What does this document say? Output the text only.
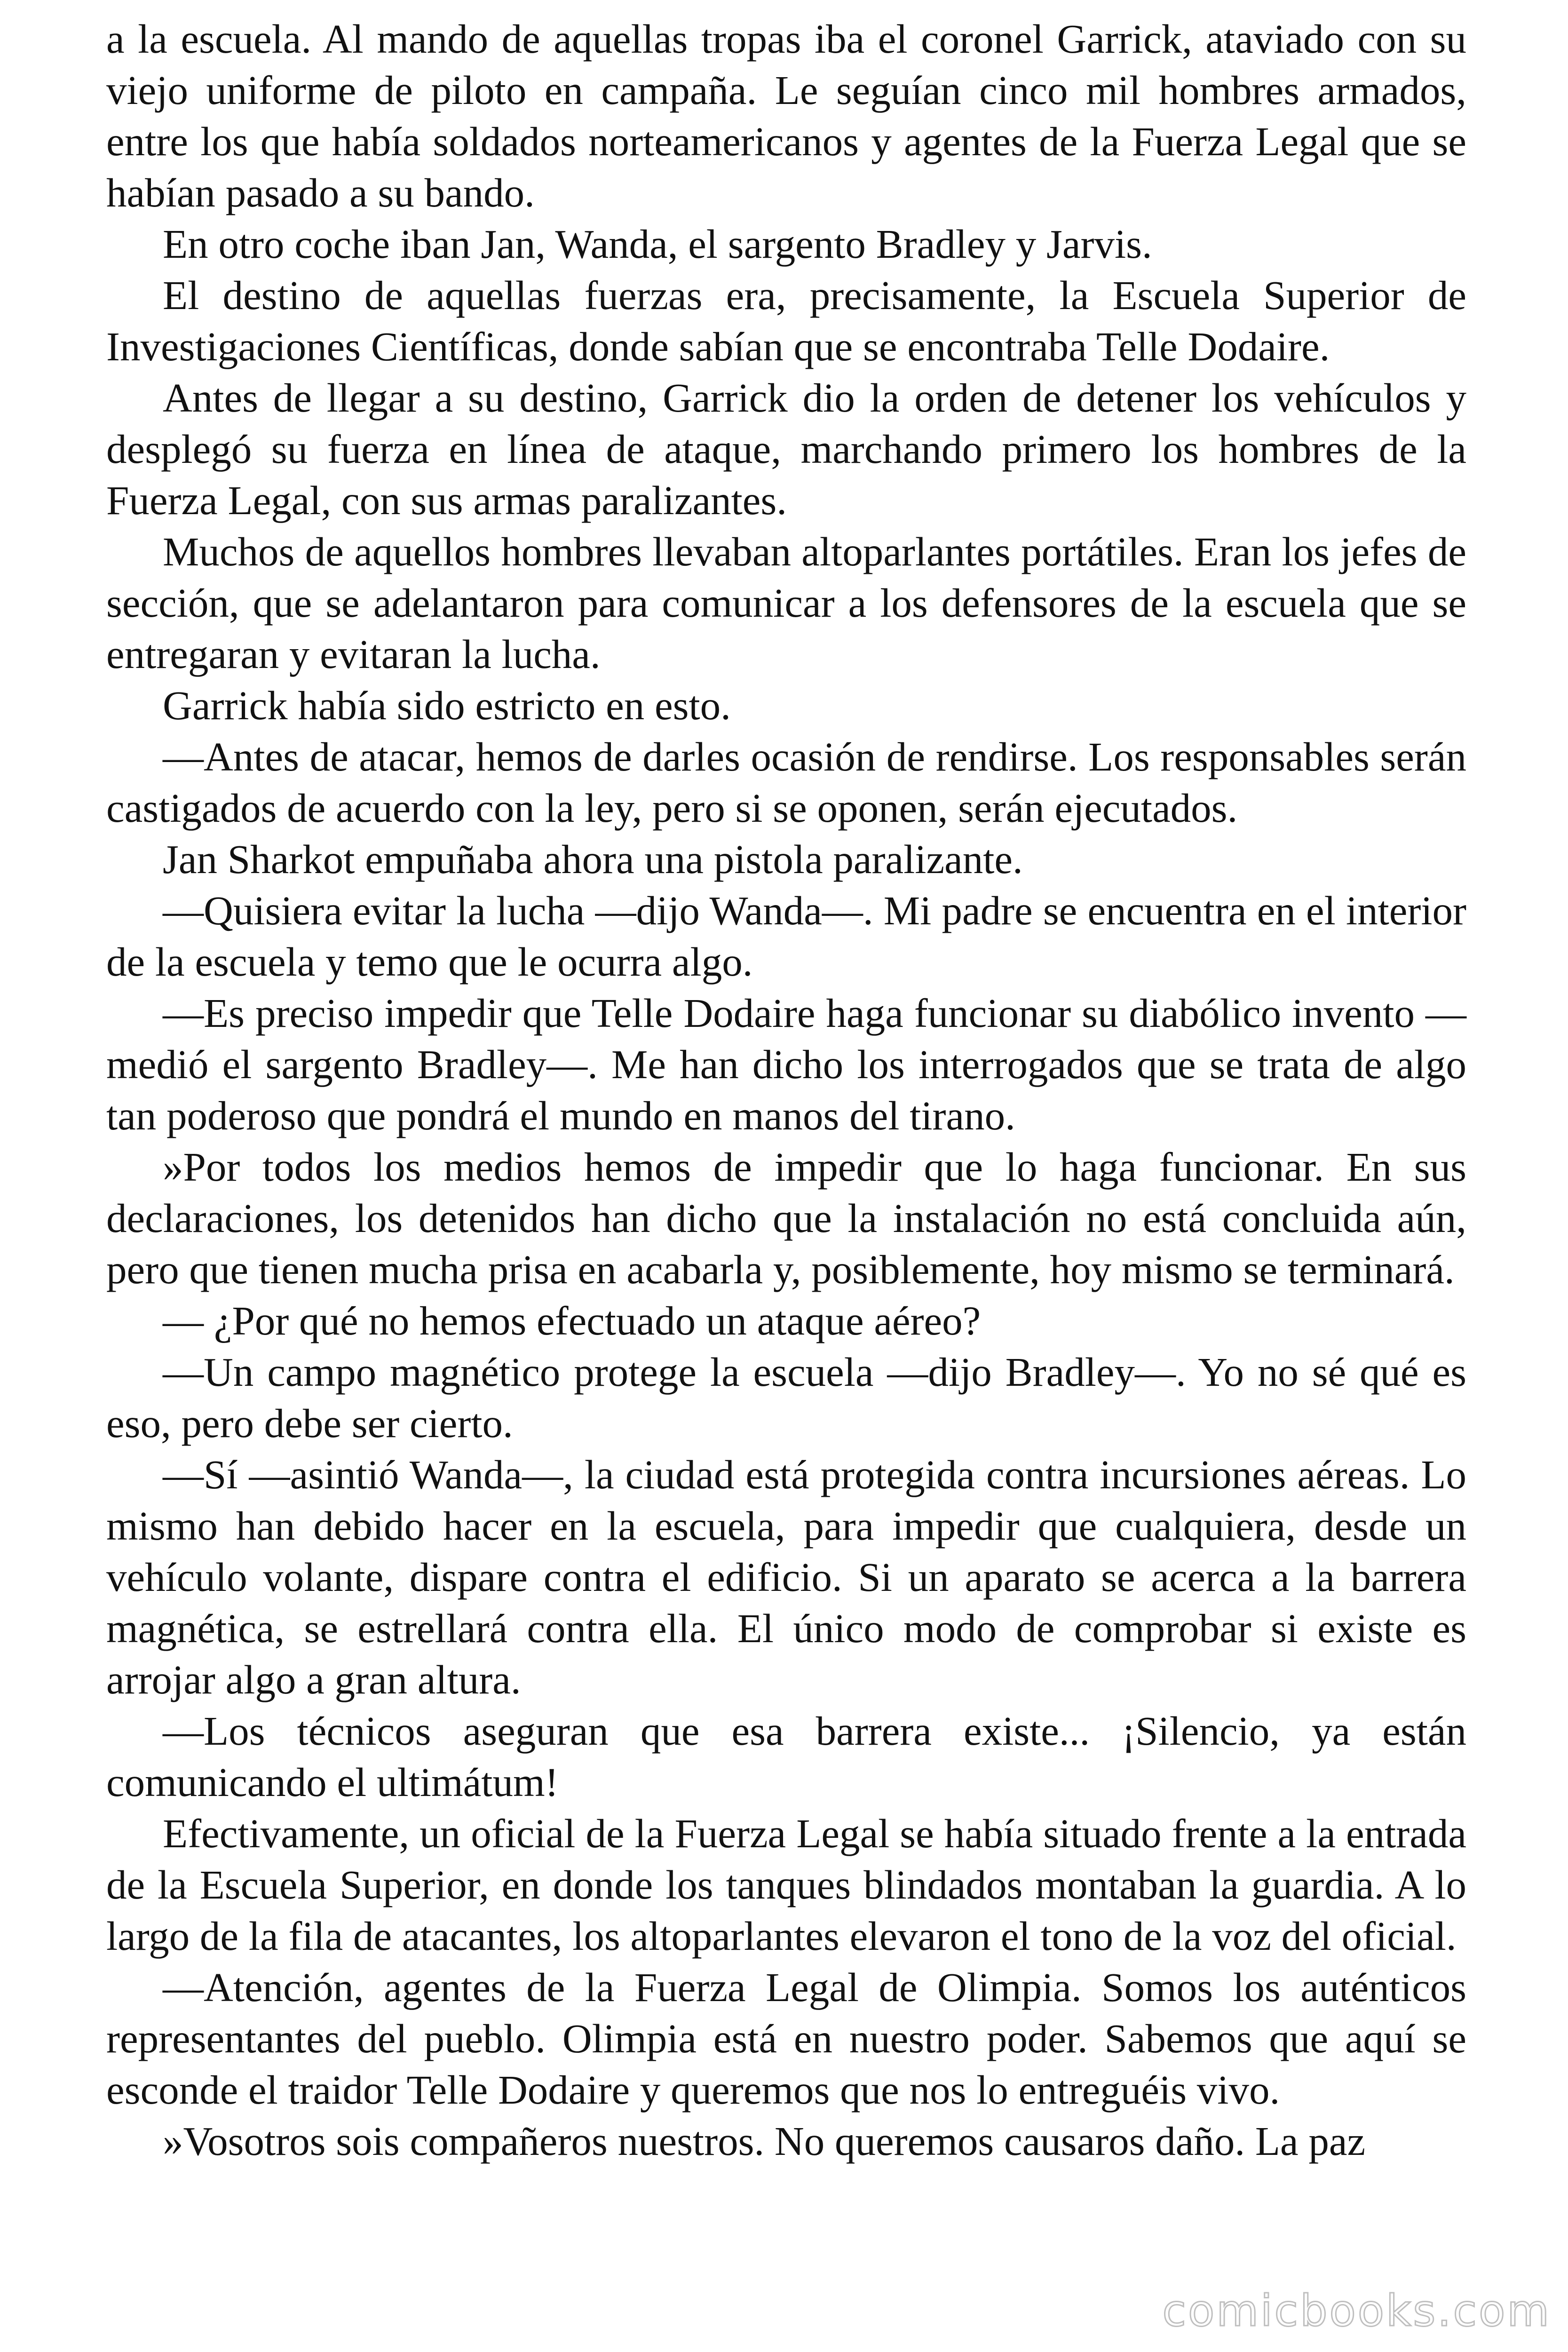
a la escuela. Al mando de aquellas tropas iba el coronel Garrick, ataviado con su viejo uniforme de piloto en campaña. Le seguían cinco mil hombres armados, entre los que había soldados norteamericanos y agentes de la Fuerza Legal que se habían pasado a su bando.

En otro coche iban Jan, Wanda, el sargento Bradley y Jarvis.

El destino de aquellas fuerzas era, precisamente, la Escuela Superior de Investigaciones Científicas, donde sabían que se encontraba Telle Dodaire.

Antes de llegar a su destino, Garrick dio la orden de detener los vehículos y desplegó su fuerza en línea de ataque, marchando primero los hombres de la Fuerza Legal, con sus armas paralizantes.

Muchos de aquellos hombres llevaban altoparlantes portátiles. Eran los jefes de sección, que se adelantaron para comunicar a los defensores de la escuela que se entregaran y evitaran la lucha.

Garrick había sido estricto en esto.

—Antes de atacar, hemos de darles ocasión de rendirse. Los responsables serán castigados de acuerdo con la ley, pero si se oponen, serán ejecutados.

Jan Sharkot empuñaba ahora una pistola paralizante.

—Quisiera evitar la lucha —dijo Wanda—. Mi padre se encuentra en el interior de la escuela y temo que le ocurra algo.

—Es preciso impedir que Telle Dodaire haga funcionar su diabólico invento —medió el sargento Bradley—. Me han dicho los interrogados que se trata de algo tan poderoso que pondrá el mundo en manos del tirano.

»Por todos los medios hemos de impedir que lo haga funcionar. En sus declaraciones, los detenidos han dicho que la instalación no está concluida aún, pero que tienen mucha prisa en acabarla y, posiblemente, hoy mismo se terminará.

— ¿Por qué no hemos efectuado un ataque aéreo?

—Un campo magnético protege la escuela —dijo Bradley—. Yo no sé qué es eso, pero debe ser cierto.

—Sí —asintió Wanda—, la ciudad está protegida contra incursiones aéreas. Lo mismo han debido hacer en la escuela, para impedir que cualquiera, desde un vehículo volante, dispare contra el edificio. Si un aparato se acerca a la barrera magnética, se estrellará contra ella. El único modo de comprobar si existe es arrojar algo a gran altura.

—Los técnicos aseguran que esa barrera existe... ¡Silencio, ya están comunicando el ultimátum!

Efectivamente, un oficial de la Fuerza Legal se había situado frente a la entrada de la Escuela Superior, en donde los tanques blindados montaban la guardia. A lo largo de la fila de atacantes, los altoparlantes elevaron el tono de la voz del oficial.

—Atención, agentes de la Fuerza Legal de Olimpia. Somos los auténticos representantes del pueblo. Olimpia está en nuestro poder. Sabemos que aquí se esconde el traidor Telle Dodaire y queremos que nos lo entreguéis vivo.

»Vosotros sois compañeros nuestros. No queremos causaros daño. La paz

comicbooks.com
